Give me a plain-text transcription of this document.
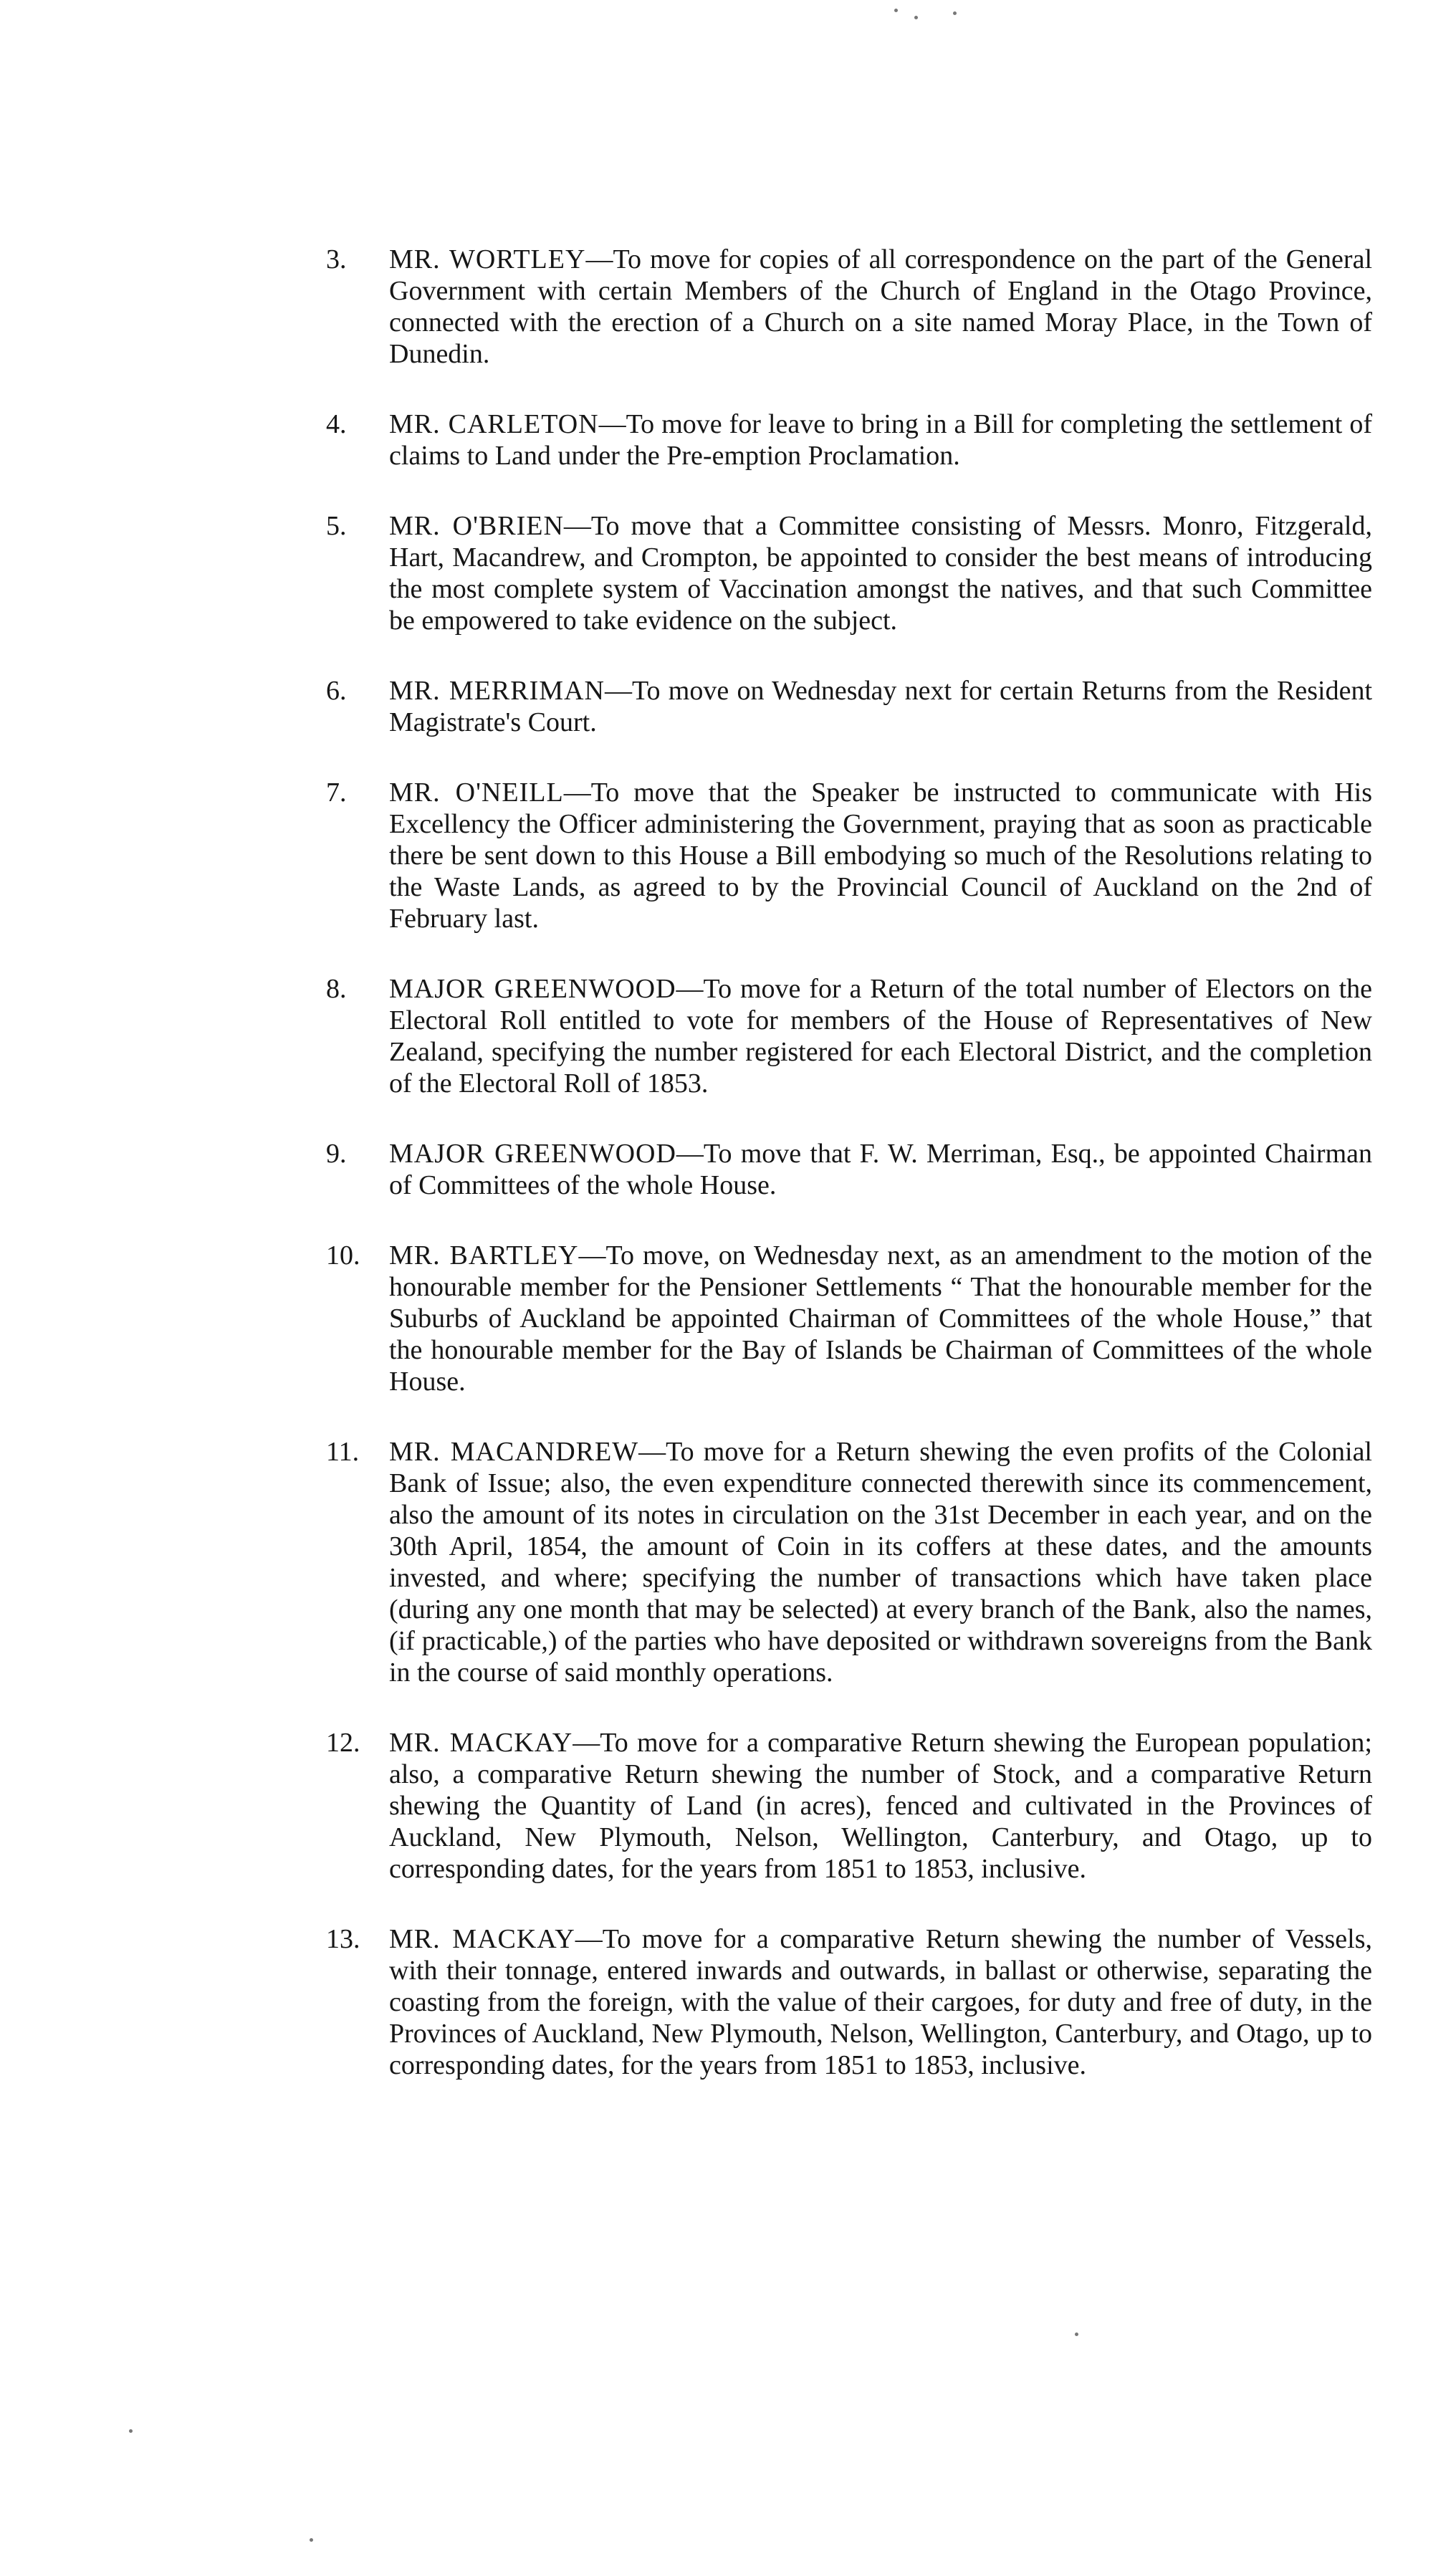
3.	MR. WORTLEY—To move for copies of all correspondence on the part of the General Government with certain Members of the Church of England in the Otago Province, connected with the erection of a Church on a site named Moray Place, in the Town of Dunedin.
4.	MR. CARLETON—To move for leave to bring in a Bill for completing the settlement of claims to Land under the Pre-emption Proclamation.
5.	MR. O'BRIEN—To move that a Committee consisting of Messrs. Monro, Fitzgerald, Hart, Macandrew, and Crompton, be appointed to consider the best means of introducing the most complete system of Vaccination amongst the natives, and that such Committee be empowered to take evidence on the subject.
6.	MR. MERRIMAN—To move on Wednesday next for certain Returns from the Resident Magistrate's Court.
7.	MR. O'NEILL—To move that the Speaker be instructed to communicate with His Excellency the Officer administering the Government, praying that as soon as practicable there be sent down to this House a Bill embodying so much of the Resolutions relating to the Waste Lands, as agreed to by the Provincial Council of Auckland on the 2nd of February last.
8.	MAJOR GREENWOOD—To move for a Return of the total number of Electors on the Electoral Roll entitled to vote for members of the House of Representatives of New Zealand, specifying the number registered for each Electoral District, and the completion of the Electoral Roll of 1853.
9.	MAJOR GREENWOOD—To move that F. W. Merriman, Esq., be appointed Chairman of Committees of the whole House.
10.	MR. BARTLEY—To move, on Wednesday next, as an amendment to the motion of the honourable member for the Pensioner Settlements “ That the honourable member for the Suburbs of Auckland be appointed Chairman of Committees of the whole House,” that the honourable member for the Bay of Islands be Chairman of Committees of the whole House.
11.	MR. MACANDREW—To move for a Return shewing the even profits of the Colonial Bank of Issue; also, the even expenditure connected therewith since its commencement, also the amount of its notes in circulation on the 31st December in each year, and on the 30th April, 1854, the amount of Coin in its coffers at these dates, and the amounts invested, and where; specifying the number of transactions which have taken place (during any one month that may be selected) at every branch of the Bank, also the names, (if practicable,) of the parties who have deposited or withdrawn sovereigns from the Bank in the course of said monthly operations.
12.	MR. MACKAY—To move for a comparative Return shewing the European population; also, a comparative Return shewing the number of Stock, and a comparative Return shewing the Quantity of Land (in acres), fenced and cultivated in the Provinces of Auckland, New Plymouth, Nelson, Wellington, Canterbury, and Otago, up to corresponding dates, for the years from 1851 to 1853, inclusive.
13.	MR. MACKAY—To move for a comparative Return shewing the number of Vessels, with their tonnage, entered inwards and outwards, in ballast or otherwise, separating the coasting from the foreign, with the value of their cargoes, for duty and free of duty, in the Provinces of Auckland, New Plymouth, Nelson, Wellington, Canterbury, and Otago, up to corresponding dates, for the years from 1851 to 1853, inclusive.
